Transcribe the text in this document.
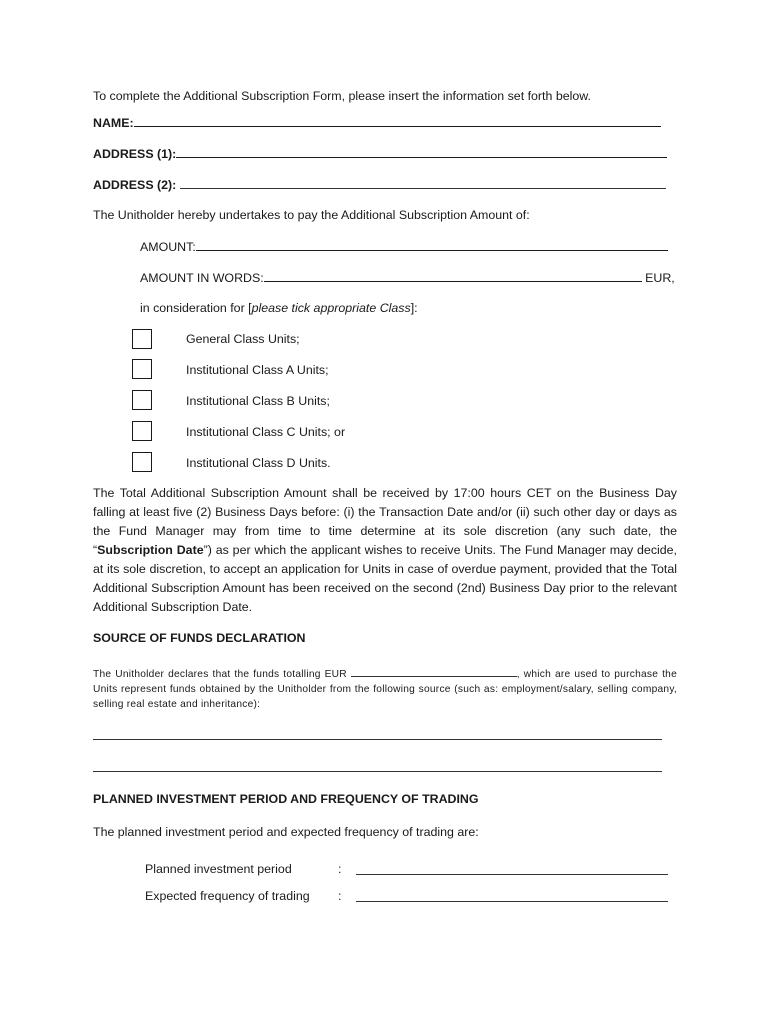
To complete the Additional Subscription Form, please insert the information set forth below.
NAME:
ADDRESS (1):
ADDRESS (2):
The Unitholder hereby undertakes to pay the Additional Subscription Amount of:
AMOUNT:
AMOUNT IN WORDS:	EUR,
in consideration for [please tick appropriate Class]:
General Class Units;
Institutional Class A Units;
Institutional Class B Units;
Institutional Class C Units; or
Institutional Class D Units.
The Total Additional Subscription Amount shall be received by 17:00 hours CET on the Business Day falling at least five (2) Business Days before: (i) the Transaction Date and/or (ii) such other day or days as the Fund Manager may from time to time determine at its sole discretion (any such date, the “Subscription Date”) as per which the applicant wishes to receive Units. The Fund Manager may decide, at its sole discretion, to accept an application for Units in case of overdue payment, provided that the Total Additional Subscription Amount has been received on the second (2nd) Business Day prior to the relevant Additional Subscription Date.
SOURCE OF FUNDS DECLARATION
The Unitholder declares that the funds totalling EUR	, which are used to purchase the Units represent funds obtained by the Unitholder from the following source (such as: employment/salary, selling company, selling real estate and inheritance):
PLANNED INVESTMENT PERIOD AND FREQUENCY OF TRADING
The planned investment period and expected frequency of trading are:
Planned investment period	:
Expected frequency of trading :
